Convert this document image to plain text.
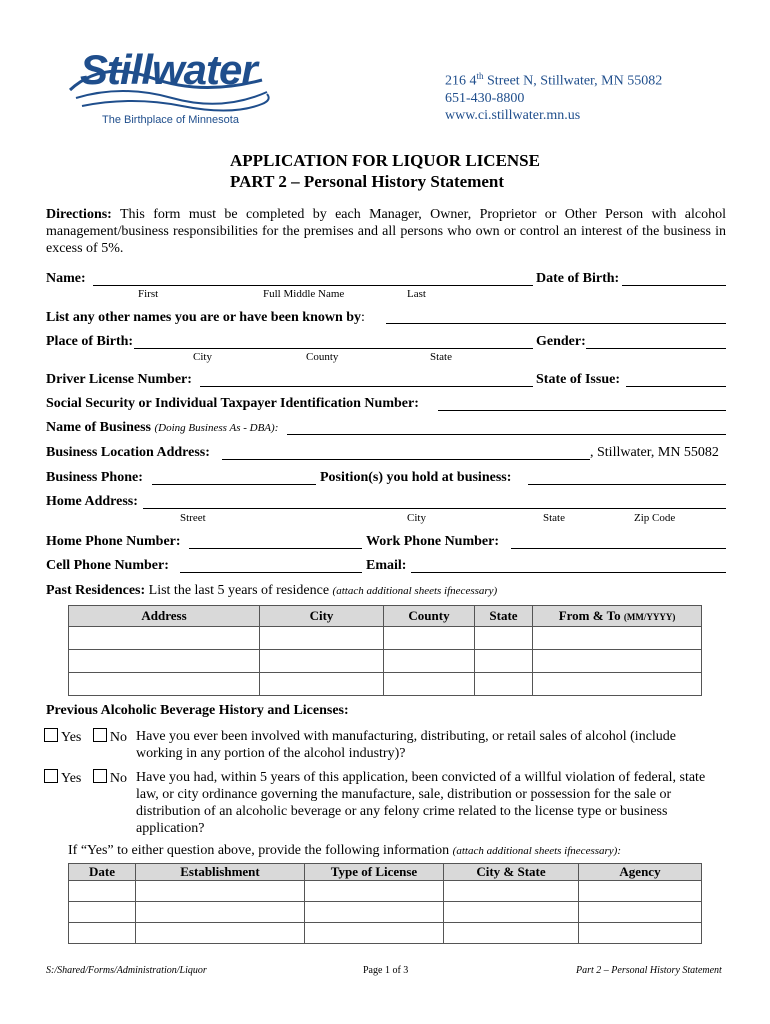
Stillwater
The Birthplace of Minnesota
216 4th Street N, Stillwater, MN 55082
651-430-8800
www.ci.stillwater.mn.us
APPLICATION FOR LIQUOR LICENSE
PART 2 – Personal History Statement
Directions: This form must be completed by each Manager, Owner, Proprietor or Other Person with alcohol management/business responsibilities for the premises and all persons who own or control an interest of the business in excess of 5%.
Name:	Date of Birth:
First	Full Middle Name	Last
List any other names you are or have been known by:
Place of Birth:	Gender:
City	County	State
Driver License Number:	State of Issue:
Social Security or Individual Taxpayer Identification Number:
Name of Business (Doing Business As - DBA):
Business Location Address:	, Stillwater, MN 55082
Business Phone:	Position(s) you hold at business:
Home Address:
Street	City	State	Zip Code
Home Phone Number:	Work Phone Number:
Cell Phone Number:	Email:
Past Residences: List the last 5 years of residence (attach additional sheets ifnecessary)
Address	City	County	State	From & To (MM/YYYY)

Previous Alcoholic Beverage History and Licenses:
Yes No Have you ever been involved with manufacturing, distributing, or retail sales of alcohol (include working in any portion of the alcohol industry)?
Yes No Have you had, within 5 years of this application, been convicted of a willful violation of federal, state law, or city ordinance governing the manufacture, sale, distribution or possession for the sale or distribution of an alcoholic beverage or any felony crime related to the license type or business application?
If “Yes” to either question above, provide the following information (attach additional sheets ifnecessary):
Date	Establishment	Type of License	City & State	Agency

S:/Shared/Forms/Administration/Liquor	Page 1 of 3	Part 2 – Personal History Statement
